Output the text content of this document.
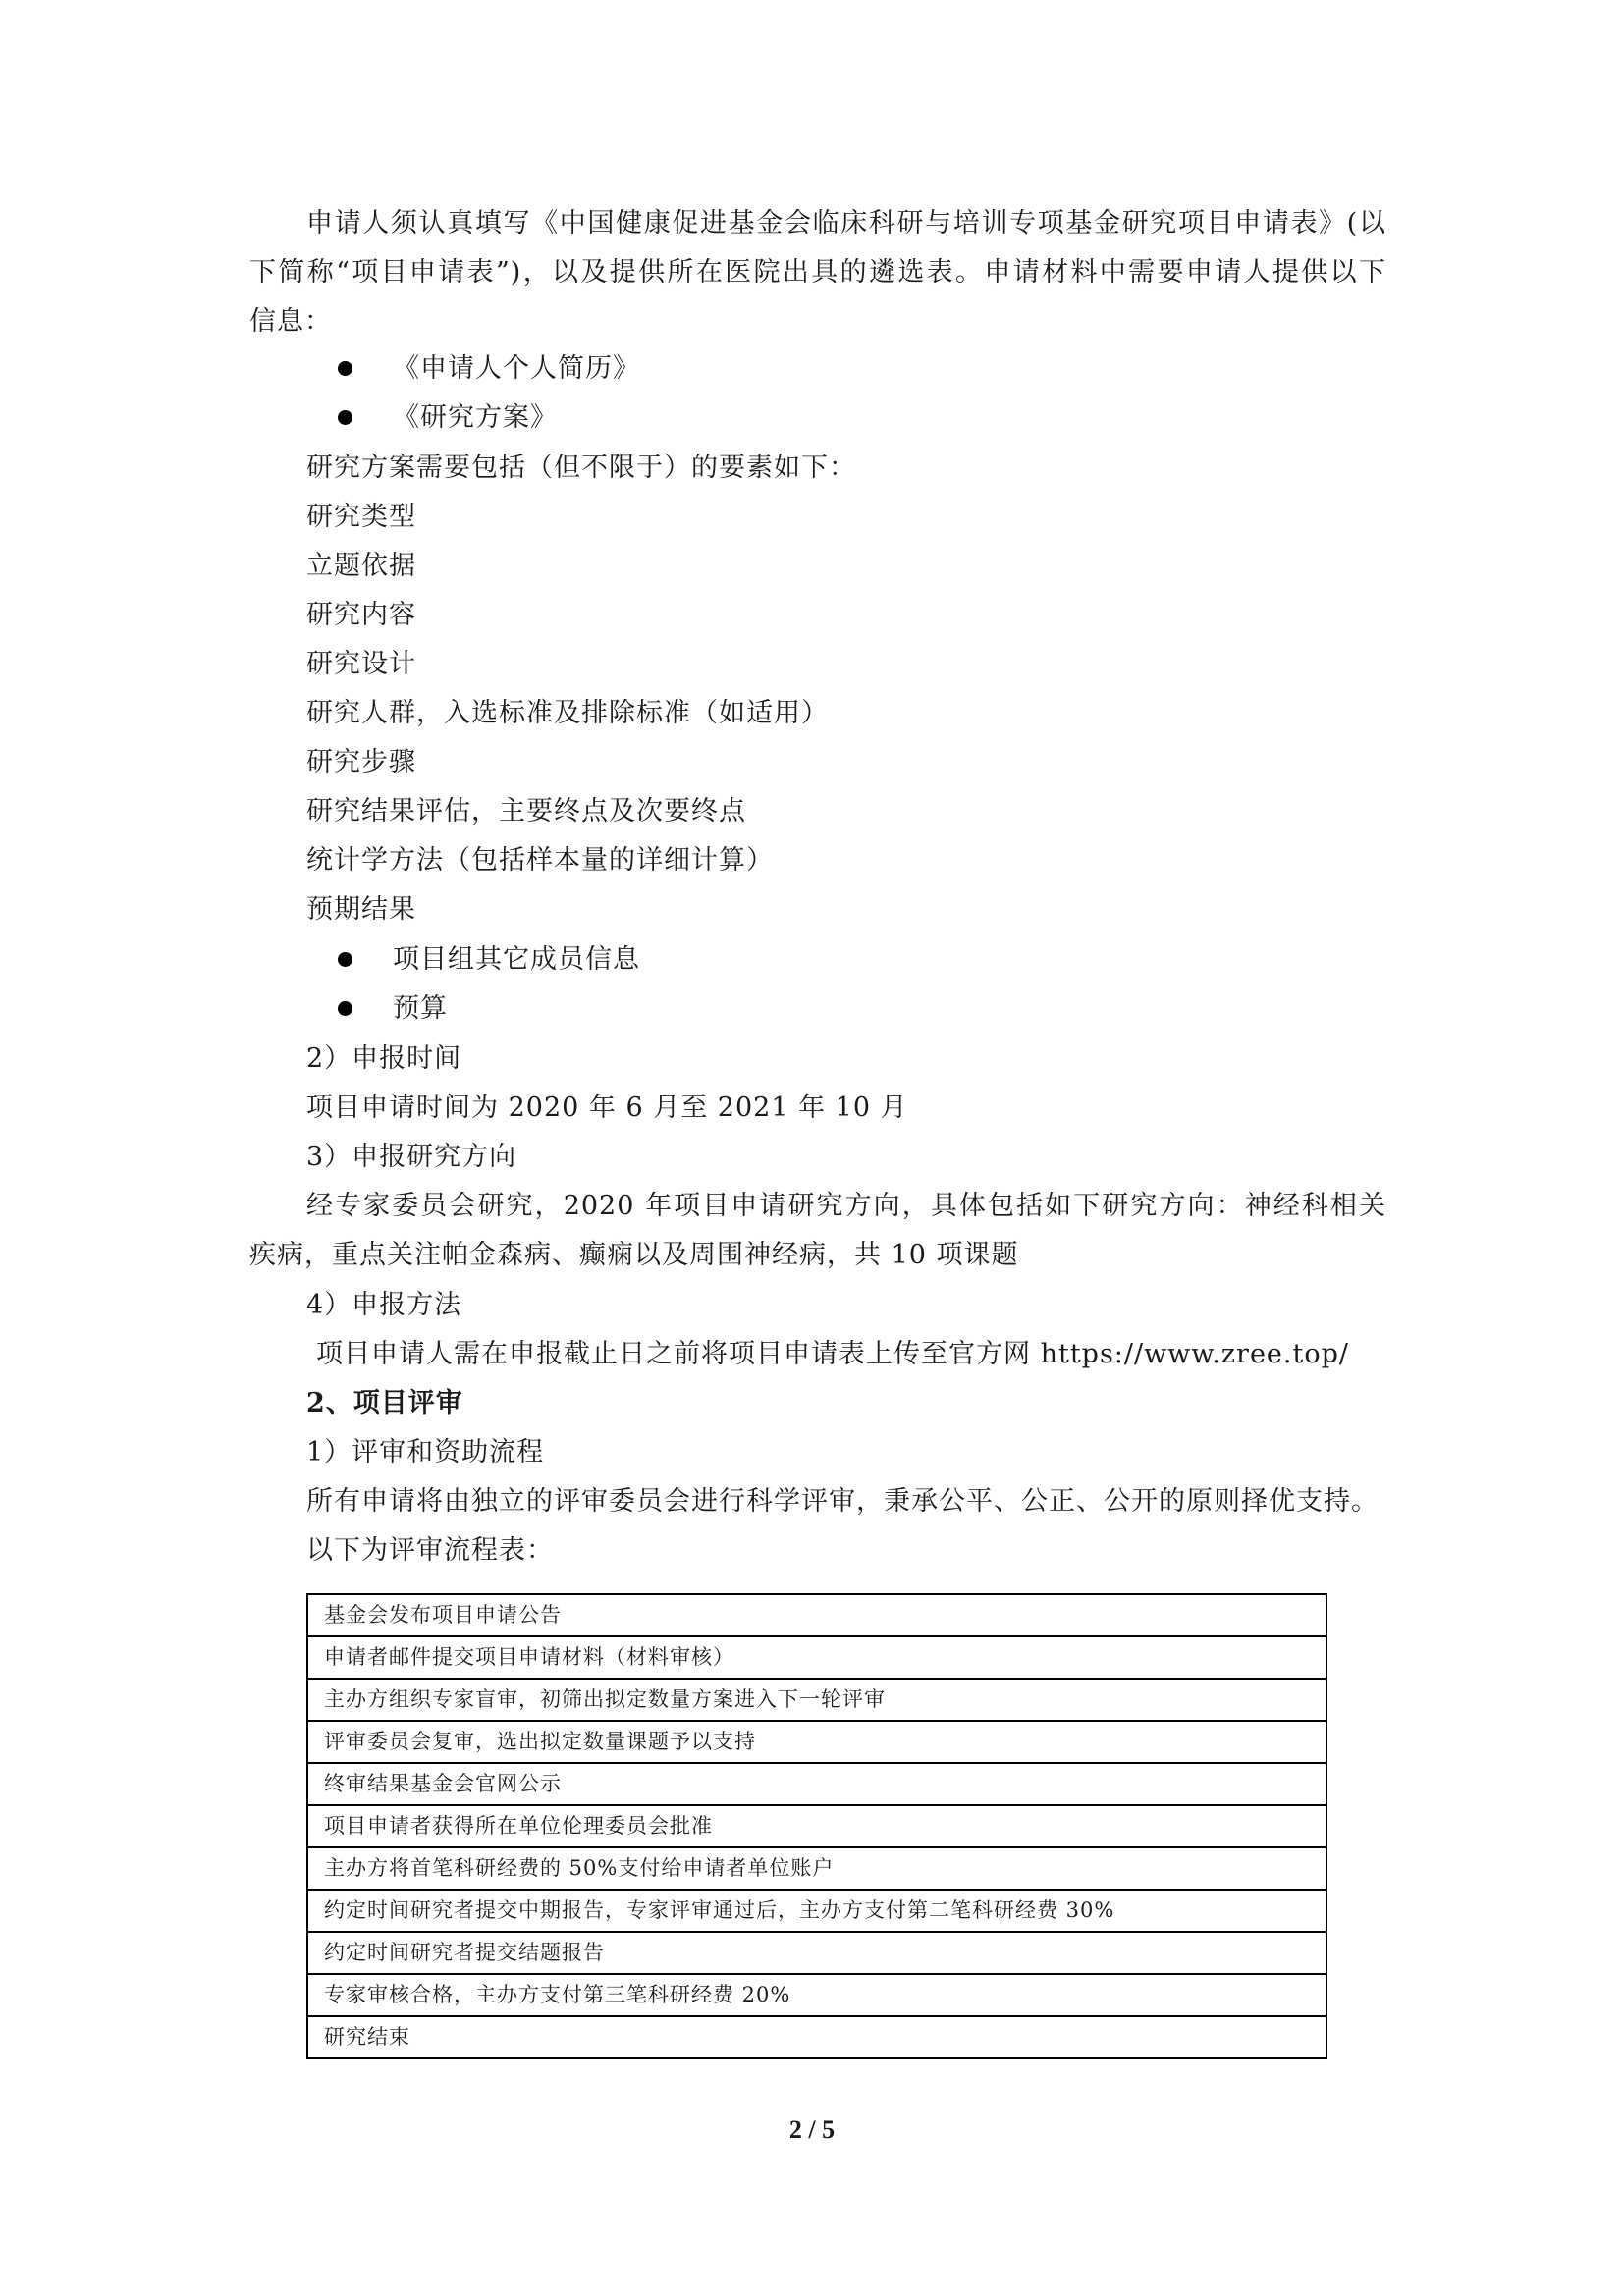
申请人须认真填写《中国健康促进基金会临床科研与培训专项基金研究项目申请表》(以
下简称“项目申请表”)，以及提供所在医院出具的遴选表。申请材料中需要申请人提供以下
信息：
《申请人个人简历》
《研究方案》
研究方案需要包括（但不限于）的要素如下：
研究类型
立题依据
研究内容
研究设计
研究人群，入选标准及排除标准（如适用）
研究步骤
研究结果评估，主要终点及次要终点
统计学方法（包括样本量的详细计算）
预期结果
项目组其它成员信息
预算
2）申报时间
项目申请时间为 2020 年 6 月至 2021 年 10 月
3）申报研究方向
经专家委员会研究，2020 年项目申请研究方向，具体包括如下研究方向：神经科相关
疾病，重点关注帕金森病、癫痫以及周围神经病，共 10 项课题
4）申报方法
项目申请人需在申报截止日之前将项目申请表上传至官方网 https://www.zree.top/
2、项目评审
1）评审和资助流程
所有申请将由独立的评审委员会进行科学评审，秉承公平、公正、公开的原则择优支持。
以下为评审流程表：
基金会发布项目申请公告
申请者邮件提交项目申请材料（材料审核）
主办方组织专家盲审，初筛出拟定数量方案进入下一轮评审
评审委员会复审，选出拟定数量课题予以支持
终审结果基金会官网公示
项目申请者获得所在单位伦理委员会批准
主办方将首笔科研经费的 50%支付给申请者单位账户
约定时间研究者提交中期报告，专家评审通过后，主办方支付第二笔科研经费 30%
约定时间研究者提交结题报告
专家审核合格，主办方支付第三笔科研经费 20%
研究结束
2 / 5
